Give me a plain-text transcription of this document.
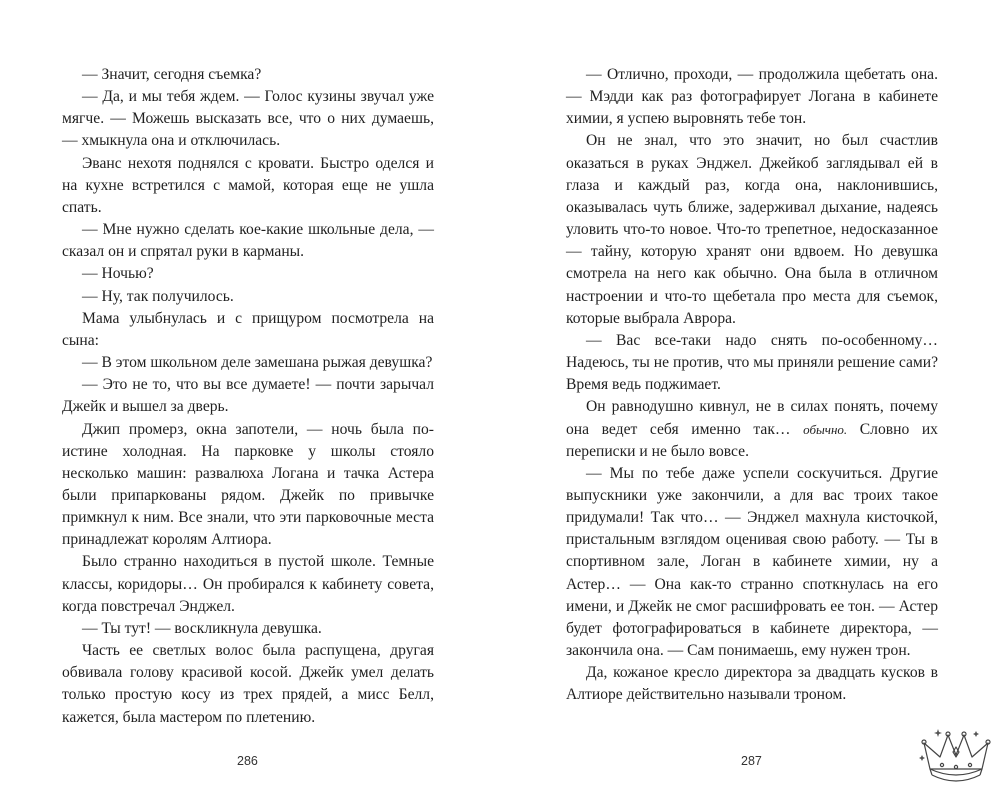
— Значит, сегодня съемка?

— Да, и мы тебя ждем. — Голос кузины звучал уже мягче. — Можешь высказать все, что о них думаешь, — хмыкнула она и отключилась.

Эванс нехотя поднялся с кровати. Быстро оделся и на кухне встретился с мамой, которая еще не ушла спать.

— Мне нужно сделать кое-какие школьные дела, — сказал он и спрятал руки в карманы.

— Ночью?

— Ну, так получилось.

Мама улыбнулась и с прищуром посмотрела на сына:

— В этом школьном деле замешана рыжая девушка?

— Это не то, что вы все думаете! — почти зарычал Джейк и вышел за дверь.

Джип промерз, окна запотели, — ночь была по-истине холодная. На парковке у школы стояло несколько машин: развалюха Логана и тачка Астера были припаркованы рядом. Джейк по привычке примкнул к ним. Все знали, что эти парковочные места принадлежат королям Алтиора.

Было странно находиться в пустой школе. Темные классы, коридоры… Он пробирался к кабинету совета, когда повстречал Энджел.

— Ты тут! — воскликнула девушка.

Часть ее светлых волос была распущена, другая обвивала голову красивой косой. Джейк умел делать только простую косу из трех прядей, а мисс Белл, кажется, была мастером по плетению.

— Отлично, проходи, — продолжила щебетать она. — Мэдди как раз фотографирует Логана в кабинете химии, я успею выровнять тебе тон.

Он не знал, что это значит, но был счастлив оказаться в руках Энджел. Джейкоб заглядывал ей в глаза и каждый раз, когда она, наклонившись, оказывалась чуть ближе, задерживал дыхание, надеясь уловить что-то новое. Что-то трепетное, недосказанное — тайну, которую хранят они вдвоем. Но девушка смотрела на него как обычно. Она была в отличном настроении и что-то щебетала про места для съемок, которые выбрала Аврора.

— Вас все-таки надо снять по-особенному… Надеюсь, ты не против, что мы приняли решение сами? Время ведь поджимает.

Он равнодушно кивнул, не в силах понять, почему она ведет себя именно так… обычно. Словно их переписки и не было вовсе.

— Мы по тебе даже успели соскучиться. Другие выпускники уже закончили, а для вас троих такое придумали! Так что… — Энджел махнула кисточкой, пристальным взглядом оценивая свою работу. — Ты в спортивном зале, Логан в кабинете химии, ну а Астер… — Она как-то странно споткнулась на его имени, и Джейк не смог расшифровать ее тон. — Астер будет фотографироваться в кабинете директора, — закончила она. — Сам понимаешь, ему нужен трон.

Да, кожаное кресло директора за двадцать кусков в Алтиоре действительно называли троном.

286	287
